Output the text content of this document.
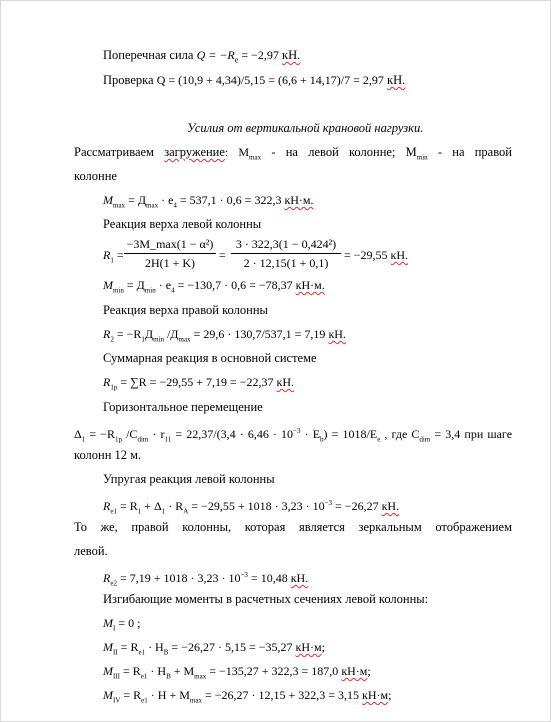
Поперечная сила $Q = -R_e = -2,97$ кН.
Проверка Q = (10,9 + 4,34)/5,15 = (6,6 + 14,17)/7 = 2,97 кН.
Усилия от вертикальной крановой нагрузки.
Рассматриваем загружение: $M_{max}$ - на левой колонне; $M_{min}$ - на правой
колонне
$M_{max} = Д_{max} \cdot e_4 = 537,1 \cdot 0,6 = 322,3$ кН·м.
Реакция верха левой колонны
$R_1$ =
−3M_max(1 − α²)
2H(1 + K)
= $\frac{\text{3 · 322,3(1 − 0,424²)}}{2 \cdot 12,15(1 + 0,1)} = -29,55$ кН.
$M_{min} = Д_{min} \cdot e_4 = -130,7 \cdot 0,6 = -78,37$ кН·м.
Реакция верха правой колонны
$R_2 = -R_1Д_{min}$ $/Д_{max} = 29,6 \cdot 130,7/537,1 = 7,19$ кН.
Суммарная реакция в основной системе
$R_{1p} = \sum R = -29,55 + 7,19 = -22,37$ кН.
Горизонтальное перемещение
$\Delta_1 = -R_{1p}$ $/C_{dim} \cdot r_{11} = 22,37/(3,4 \cdot 6,46 \cdot 10^{-3} \cdot E_b) = 1018/E_e$ , где $C_{dim} = 3,4$ при шаге
колонн 12 м.
Упругая реакция левой колонны
$R_{e1} = R_1 + \Delta_1 \cdot R_A = -29,55 + 1018 \cdot 3,23 \cdot 10^{-3} = -26,27$ кН.
То же, правой колонны, которая является зеркальным отображением
левой.
$R_{e2} = 7,19 + 1018 \cdot 3,23 \cdot 10^{-3} = 10,48$ кН.
Изгибающие моменты в расчетных сечениях левой колонны:
$M_I = 0$ ;
$M_{II} = R_{e1} \cdot H_B = -26,27 \cdot 5,15 = -35,27$ кН·м;
$M_{III} = R_{e1} \cdot H_B + M_{max} = -135,27 + 322,3 = 187,0$ кН·м;
$M_{IV} = R_{e1} \cdot H + M_{max} = -26,27 \cdot 12,15 + 322,3 = 3,15$ кН·м;
